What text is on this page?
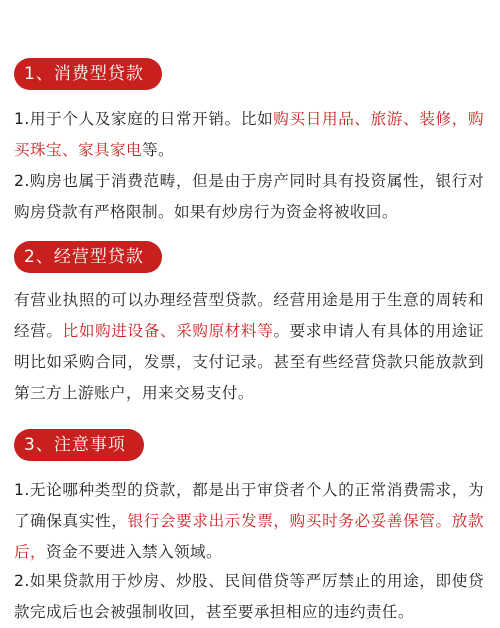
1、消费型贷款
1.用于个人及家庭的日常开销。比如购买日用品、旅游、装修，购买珠宝、家具家电等。
2.购房也属于消费范畴，但是由于房产同时具有投资属性，银行对购房贷款有严格限制。如果有炒房行为资金将被收回。
2、经营型贷款
有营业执照的可以办理经营型贷款。经营用途是用于生意的周转和经营。比如购进设备、采购原材料等。要求申请人有具体的用途证明比如采购合同，发票，支付记录。甚至有些经营贷款只能放款到第三方上游账户，用来交易支付。
3、注意事项
1.无论哪种类型的贷款，都是出于审贷者个人的正常消费需求，为了确保真实性，银行会要求出示发票，购买时务必妥善保管。放款后，资金不要进入禁入领域。
2.如果贷款用于炒房、炒股、民间借贷等严厉禁止的用途，即使贷款完成后也会被强制收回，甚至要承担相应的违约责任。
